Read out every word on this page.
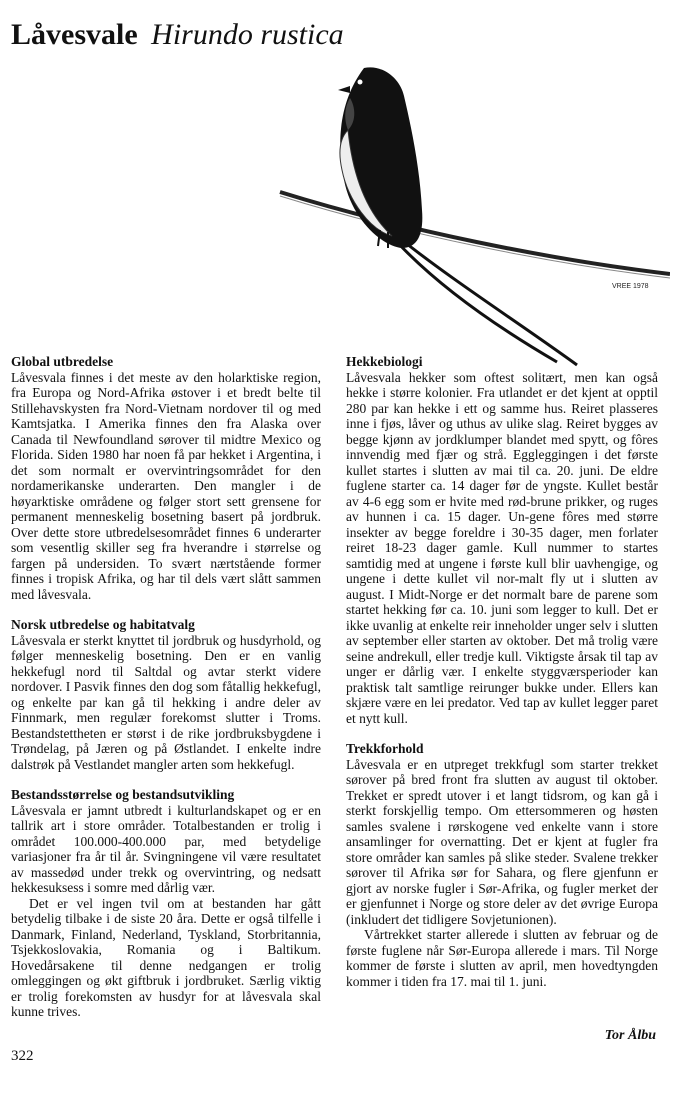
Låvesvale Hirundo rustica
VREE 1978
Global utbredelse

Låvesvala finnes i det meste av den holarktiske region, fra Europa og Nord-Afrika østover i et bredt belte til Stillehavskysten fra Nord-Vietnam nordover til og med Kamtsjatka. I Amerika finnes den fra Alaska over Canada til Newfoundland sørover til midtre Mexico og Florida. Siden 1980 har noen få par hekket i Argentina, i det som normalt er overvintringsområdet for den nordamerikanske underarten. Den mangler i de høyarktiske områdene og følger stort sett grensene for permanent menneskelig bosetning basert på jordbruk. Over dette store utbredelsesområdet finnes 6 underarter som vesentlig skiller seg fra hverandre i størrelse og fargen på undersiden. To svært nærtstående former finnes i tropisk Afrika, og har til dels vært slått sammen med låvesvala.

Norsk utbredelse og habitatvalg

Låvesvala er sterkt knyttet til jordbruk og husdyrhold, og følger menneskelig bosetning. Den er en vanlig hekkefugl nord til Saltdal og avtar sterkt videre nordover. I Pasvik finnes den dog som fåtallig hekkefugl, og enkelte par kan gå til hekking i andre deler av Finnmark, men regulær forekomst slutter i Troms. Bestandstettheten er størst i de rike jordbruksbygdene i Trøndelag, på Jæren og på Østlandet. I enkelte indre dalstrøk på Vestlandet mangler arten som hekkefugl.

Bestandsstørrelse og bestandsutvikling

Låvesvala er jamnt utbredt i kulturlandskapet og er en tallrik art i store områder. Totalbestanden er trolig i området 100.000-400.000 par, med betydelige variasjoner fra år til år. Svingningene vil være resultatet av massedød under trekk og overvintring, og nedsatt hekkesuksess i somre med dårlig vær.

Det er vel ingen tvil om at bestanden har gått betydelig tilbake i de siste 20 åra. Dette er også tilfelle i Danmark, Finland, Nederland, Tyskland, Storbritannia, Tsjekkoslovakia, Romania og i Baltikum. Hovedårsakene til denne nedgangen er trolig omleggingen og økt giftbruk i jordbruket. Særlig viktig er trolig forekomsten av husdyr for at låvesvala skal kunne trives.

Hekkebiologi

Låvesvala hekker som oftest solitært, men kan også hekke i større kolonier. Fra utlandet er det kjent at opptil 280 par kan hekke i ett og samme hus. Reiret plasseres inne i fjøs, låver og uthus av ulike slag. Reiret bygges av begge kjønn av jordklumper blandet med spytt, og fôres innvendig med fjær og strå. Eggleggingen i det første kullet startes i slutten av mai til ca. 20. juni. De eldre fuglene starter ca. 14 dager før de yngste. Kullet består av 4-6 egg som er hvite med rød-brune prikker, og ruges av hunnen i ca. 15 dager. Un-gene fôres med større insekter av begge foreldre i 30-35 dager, men forlater reiret 18-23 dager gamle. Kull nummer to startes samtidig med at ungene i første kull blir uavhengige, og ungene i dette kullet vil nor-malt fly ut i slutten av august. I Midt-Norge er det normalt bare de parene som startet hekking før ca. 10. juni som legger to kull. Det er ikke uvanlig at enkelte reir inneholder unger selv i slutten av september eller starten av oktober. Det må trolig være seine andrekull, eller tredje kull. Viktigste årsak til tap av unger er dårlig vær. I enkelte styggværsperioder kan praktisk talt samtlige reirunger bukke under. Ellers kan skjære være en lei predator. Ved tap av kullet legger paret et nytt kull.

Trekkforhold

Låvesvala er en utpreget trekkfugl som starter trekket sørover på bred front fra slutten av august til oktober. Trekket er spredt utover i et langt tidsrom, og kan gå i sterkt forskjellig tempo. Om ettersommeren og høsten samles svalene i rørskogene ved enkelte vann i store ansamlinger for overnatting. Det er kjent at fugler fra store områder kan samles på slike steder. Svalene trekker sørover til Afrika sør for Sahara, og flere gjenfunn er gjort av norske fugler i Sør-Afrika, og fugler merket der er gjenfunnet i Norge og store deler av det øvrige Europa (inkludert det tidligere Sovjetunionen).

Vårtrekket starter allerede i slutten av februar og de første fuglene når Sør-Europa allerede i mars. Til Norge kommer de første i slutten av april, men hovedtyngden kommer i tiden fra 17. mai til 1. juni.

Tor Ålbu
322
